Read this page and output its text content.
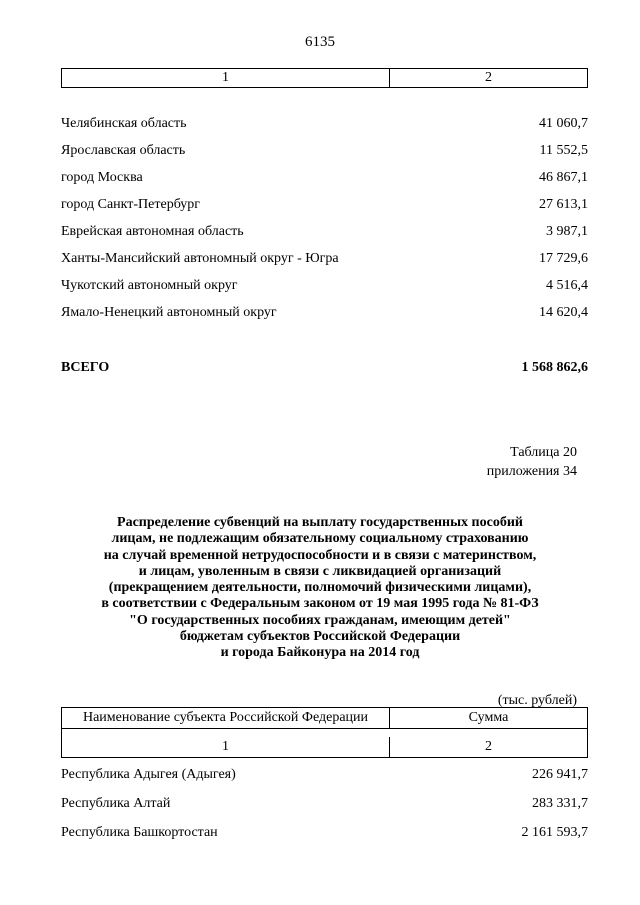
6135
1	2
Челябинская область	41 060,7
Ярославская область	11 552,5
город Москва	46 867,1
город Санкт-Петербург	27 613,1
Еврейская автономная область	3 987,1
Ханты-Мансийский автономный округ - Югра	17 729,6
Чукотский автономный округ	4 516,4
Ямало-Ненецкий автономный округ	14 620,4
ВСЕГО	1 568 862,6
Таблица 20
приложения 34
Распределение субвенций на выплату государственных пособий
лицам, не подлежащим обязательному социальному страхованию
на случай временной нетрудоспособности и в связи с материнством,
и лицам, уволенным в связи с ликвидацией организаций
(прекращением деятельности, полномочий физическими лицами),
в соответствии с Федеральным законом от 19 мая 1995 года № 81-ФЗ
"О государственных пособиях гражданам, имеющим детей"
бюджетам субъектов Российской Федерации
и города Байконура на 2014 год
(тыс. рублей)
Наименование субъекта Российской Федерации	Сумма
1	2
Республика Адыгея (Адыгея)	226 941,7
Республика Алтай	283 331,7
Республика Башкортостан	2 161 593,7
